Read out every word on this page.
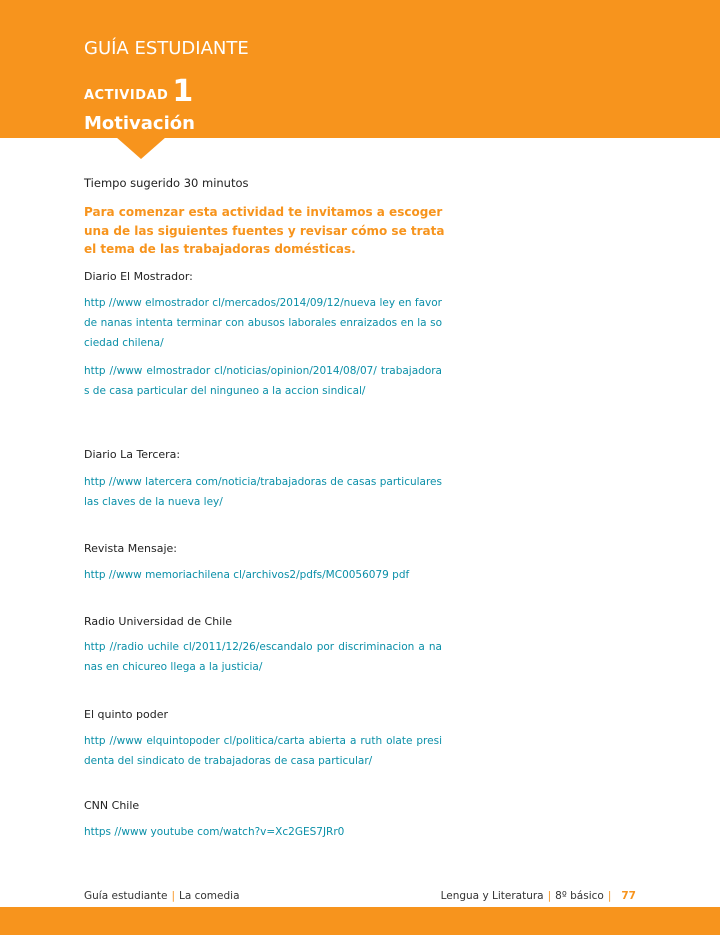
GUÍA ESTUDIANTE
ACTIVIDAD 1
Motivación
Tiempo sugerido 30 minutos
Para comenzar esta actividad te invitamos a escoger una de las siguientes fuentes y revisar cómo se trata el tema de las trabajadoras domésticas.
Diario El Mostrador:
http //www elmostrador cl/mercados/2014/09/12/nueva ley en favor de nanas intenta terminar con abusos laborales enraizados en la sociedad chilena/
http //www elmostrador cl/noticias/opinion/2014/08/07/ trabajadoras de casa particular del ninguneo a la accion sindical/
Diario La Tercera:
http //www latercera com/noticia/trabajadoras de casas particulares las claves de la nueva ley/
Revista Mensaje:
http //www memoriachilena cl/archivos2/pdfs/MC0056079 pdf
Radio Universidad de Chile
http //radio uchile cl/2011/12/26/escandalo por discriminacion a nanas en chicureo llega a la justicia/
El quinto poder
http //www elquintopoder cl/politica/carta abierta a ruth olate presidenta del sindicato de trabajadoras de casa particular/
CNN Chile
https //www youtube com/watch?v=Xc2GES7JRr0
Guía estudiante | La comedia	Lengua y Literatura | 8º básico | 77
